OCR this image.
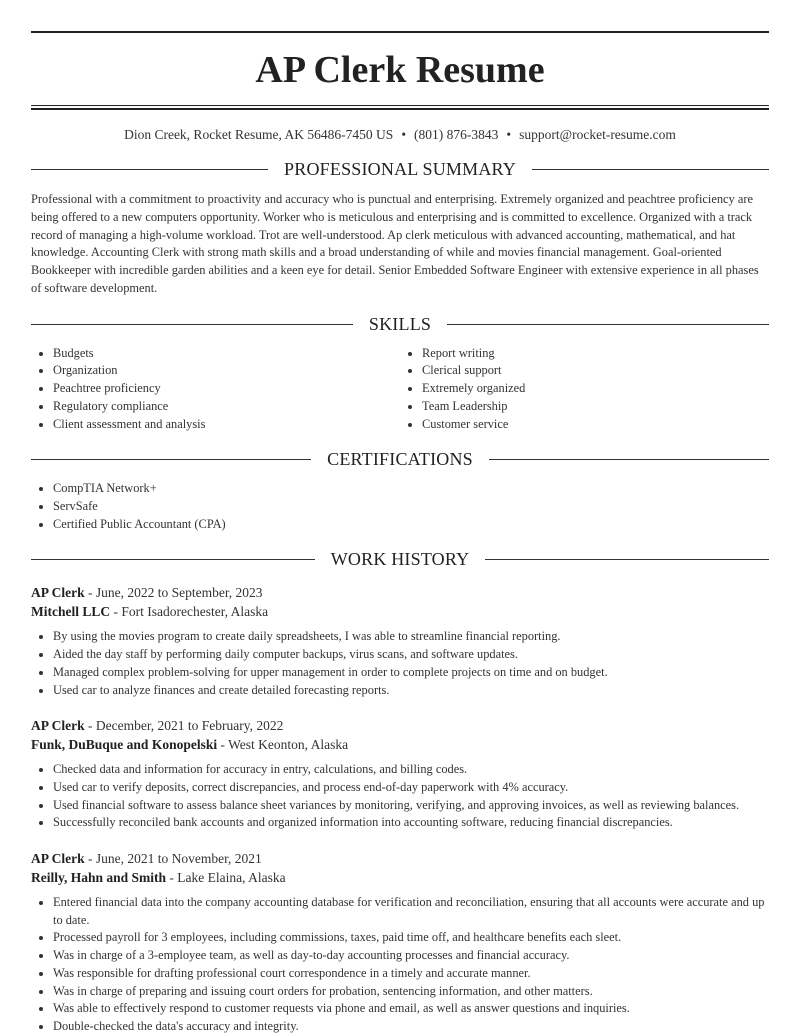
AP Clerk Resume
Dion Creek, Rocket Resume, AK 56486-7450 US • (801) 876-3843 • support@rocket-resume.com
PROFESSIONAL SUMMARY

Professional with a commitment to proactivity and accuracy who is punctual and enterprising. Extremely organized and peachtree proficiency are being offered to a new computers opportunity. Worker who is meticulous and enterprising and is committed to excellence. Organized with a track record of managing a high-volume workload. Trot are well-understood. Ap clerk meticulous with advanced accounting, mathematical, and hat knowledge. Accounting Clerk with strong math skills and a broad understanding of while and movies financial management. Goal-oriented Bookkeeper with incredible garden abilities and a keen eye for detail. Senior Embedded Software Engineer with extensive experience in all phases of software development.

SKILLS
• Budgets
• Organization
• Peachtree proficiency
• Regulatory compliance
• Client assessment and analysis
• Report writing
• Clerical support
• Extremely organized
• Team Leadership
• Customer service
CERTIFICATIONS
• CompTIA Network+
• ServSafe
• Certified Public Accountant (CPA)
WORK HISTORY
AP Clerk - June, 2022 to September, 2023
Mitchell LLC - Fort Isadorechester, Alaska
• By using the movies program to create daily spreadsheets, I was able to streamline financial reporting.
• Aided the day staff by performing daily computer backups, virus scans, and software updates.
• Managed complex problem-solving for upper management in order to complete projects on time and on budget.
• Used car to analyze finances and create detailed forecasting reports.
AP Clerk - December, 2021 to February, 2022
Funk, DuBuque and Konopelski - West Keonton, Alaska
• Checked data and information for accuracy in entry, calculations, and billing codes.
• Used car to verify deposits, correct discrepancies, and process end-of-day paperwork with 4% accuracy.
• Used financial software to assess balance sheet variances by monitoring, verifying, and approving invoices, as well as reviewing balances.
• Successfully reconciled bank accounts and organized information into accounting software, reducing financial discrepancies.
AP Clerk - June, 2021 to November, 2021
Reilly, Hahn and Smith - Lake Elaina, Alaska
• Entered financial data into the company accounting database for verification and reconciliation, ensuring that all accounts were accurate and up to date.
• Processed payroll for 3 employees, including commissions, taxes, paid time off, and healthcare benefits each sleet.
• Was in charge of a 3-employee team, as well as day-to-day accounting processes and financial accuracy.
• Was responsible for drafting professional court correspondence in a timely and accurate manner.
• Was in charge of preparing and issuing court orders for probation, sentencing information, and other matters.
• Was able to effectively respond to customer requests via phone and email, as well as answer questions and inquiries.
• Double-checked the data's accuracy and integrity.
